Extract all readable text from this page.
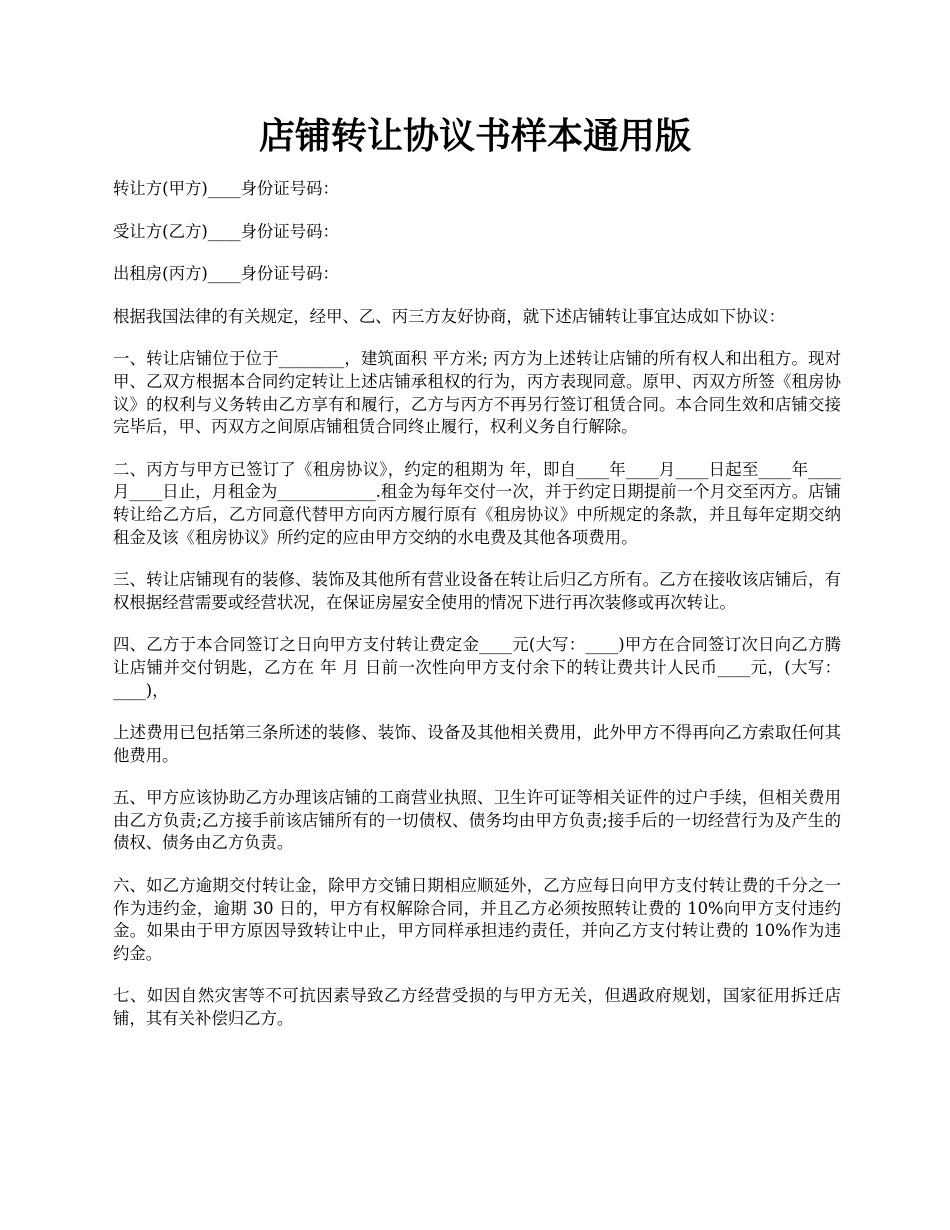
店铺转让协议书样本通用版

转让方(甲方)____身份证号码：

受让方(乙方)____身份证号码：

出租房(丙方)____身份证号码：

根据我国法律的有关规定，经甲、乙、丙三方友好协商，就下述店铺转让事宜达成如下协议：

一、转让店铺位于位于________，建筑面积 平方米; 丙方为上述转让店铺的所有权人和出租方。现对甲、乙双方根据本合同约定转让上述店铺承租权的行为，丙方表现同意。原甲、丙双方所签《租房协议》的权利与义务转由乙方享有和履行，乙方与丙方不再另行签订租赁合同。本合同生效和店铺交接完毕后，甲、丙双方之间原店铺租赁合同终止履行，权利义务自行解除。

二、丙方与甲方已签订了《租房协议》，约定的租期为 年，即自____年____月____日起至____年____月____日止，月租金为____________.租金为每年交付一次，并于约定日期提前一个月交至丙方。店铺转让给乙方后，乙方同意代替甲方向丙方履行原有《租房协议》中所规定的条款，并且每年定期交纳租金及该《租房协议》所约定的应由甲方交纳的水电费及其他各项费用。

三、转让店铺现有的装修、装饰及其他所有营业设备在转让后归乙方所有。乙方在接收该店铺后，有权根据经营需要或经营状况，在保证房屋安全使用的情况下进行再次装修或再次转让。

四、乙方于本合同签订之日向甲方支付转让费定金____元(大写：____)甲方在合同签订次日向乙方腾让店铺并交付钥匙，乙方在 年 月 日前一次性向甲方支付余下的转让费共计人民币____元，(大写：____)，

上述费用已包括第三条所述的装修、装饰、设备及其他相关费用，此外甲方不得再向乙方索取任何其他费用。

五、甲方应该协助乙方办理该店铺的工商营业执照、卫生许可证等相关证件的过户手续，但相关费用由乙方负责;乙方接手前该店铺所有的一切债权、债务均由甲方负责;接手后的一切经营行为及产生的债权、债务由乙方负责。

六、如乙方逾期交付转让金，除甲方交铺日期相应顺延外，乙方应每日向甲方支付转让费的千分之一作为违约金，逾期 30 日的，甲方有权解除合同，并且乙方必须按照转让费的 10%向甲方支付违约金。如果由于甲方原因导致转让中止，甲方同样承担违约责任，并向乙方支付转让费的 10%作为违约金。

七、如因自然灾害等不可抗因素导致乙方经营受损的与甲方无关，但遇政府规划，国家征用拆迁店铺，其有关补偿归乙方。
